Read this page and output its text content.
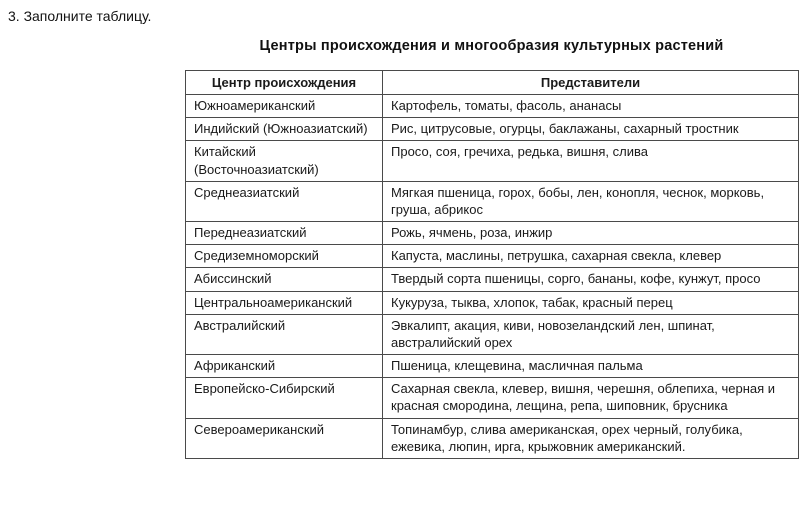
3. Заполните таблицу.
Центры происхождения и многообразия культурных растений
Центр происхождения	Представители
Южноамериканский	Картофель, томаты, фасоль, ананасы
Индийский (Южноазиатский)	Рис, цитрусовые, огурцы, баклажаны, сахарный тростник
Китайский (Восточноазиатский)	Просо, соя, гречиха, редька, вишня, слива
Среднеазиатский	Мягкая пшеница, горох, бобы, лен, конопля, чеснок, морковь, груша, абрикос
Переднеазиатский	Рожь, ячмень, роза, инжир
Средиземноморский	Капуста, маслины, петрушка, сахарная свекла, клевер
Абиссинский	Твердый сорта пшеницы, сорго, бананы, кофе, кунжут, просо
Центральноамериканский	Кукуруза, тыква, хлопок, табак, красный перец
Австралийский	Эвкалипт, акация, киви, новозеландский лен, шпинат, австралийский орех
Африканский	Пшеница, клещевина, масличная пальма
Европейско-Сибирский	Сахарная свекла, клевер, вишня, черешня, облепиха, черная и красная смородина, лещина, репа, шиповник, брусника
Североамериканский	Топинамбур, слива американская, орех черный, голубика, ежевика, люпин, ирга, крыжовник американский.
